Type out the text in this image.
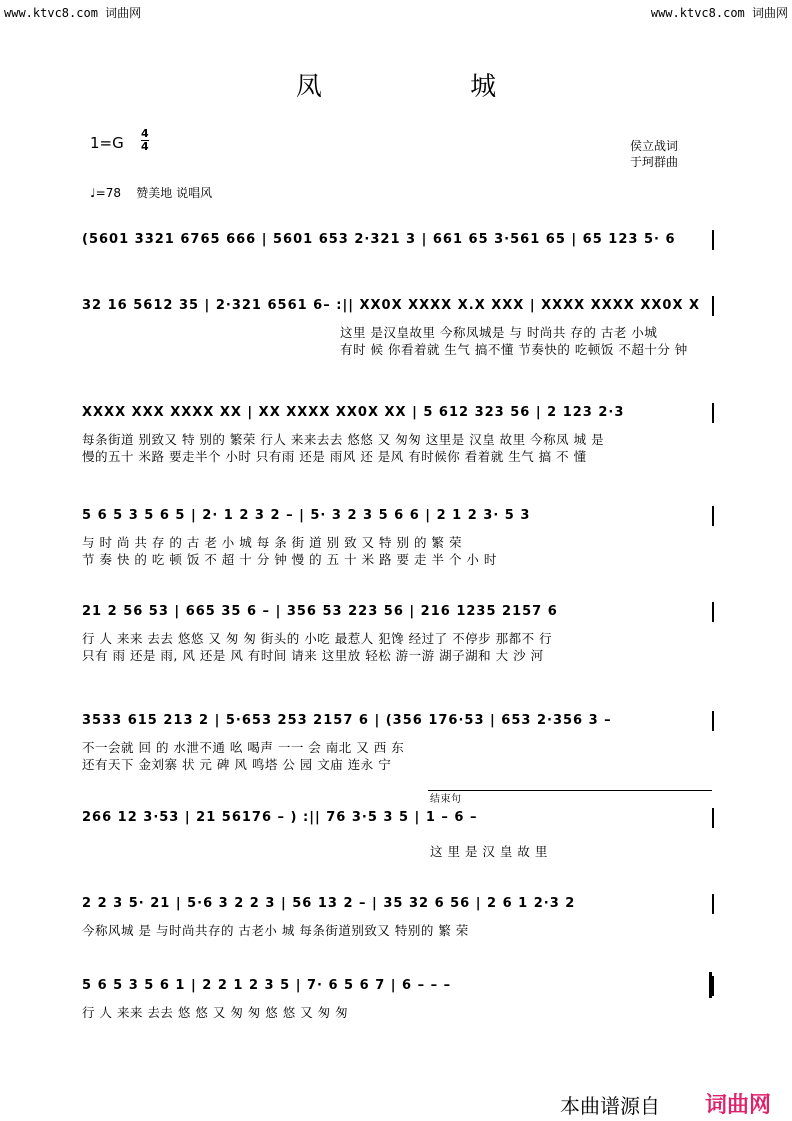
www.ktvc8.com 词曲网	www.ktvc8.com 词曲网
凤 城
$1=G \frac{4}{4}$	侯立战词
于珂群曲
♩=78 赞美地 说唱风
(5601 3321 6765 666 | 5601 653 2·321 3 | 661 65 3·561 65 | 65 123 5· 6
32 16 5612 35 | 2·321 6561 6– :|| XX0X XXXX X.X XXX | XXXX XXXX XX0X X
这里 是汉皇故里 今称凤城是 与 时尚共 存的 古老 小城
有时 候 你看着就 生气 搞不懂 节奏快的 吃顿饭 不超十分 钟
XXXX XXX XXXX XX | XX XXXX XX0X XX | 5 612 323 56 | 2 123 2·3
每条街道 别致又 特 别的 繁荣 行人 来来去去 悠悠 又 匆匆 这里是 汉皇 故里 今称凤 城 是
慢的五十 米路 要走半个 小时 只有雨 还是 雨风 还 是风 有时候你 看着就 生气 搞 不 懂
5 6 5 3 5 6 5 | 2· 1 2 3 2 – | 5· 3 2 3 5 6 6 | 2 1 2 3· 5 3
与 时 尚 共 存 的 古 老 小 城 每 条 街 道 别 致 又 特 别 的 繁 荣
节 奏 快 的 吃 顿 饭 不 超 十 分 钟 慢 的 五 十 米 路 要 走 半 个 小 时
21 2 56 53 | 665 35 6 – | 356 53 223 56 | 216 1235 2157 6
行 人 来来 去去 悠悠 又 匆 匆 街头的 小吃 最惹人 犯馋 经过了 不停步 那都不 行
只有 雨 还是 雨, 风 还是 风 有时间 请来 这里放 轻松 游一游 湖子湖和 大 沙 河
3533 615 213 2 | 5·653 253 2157 6 | (356 176·53 | 653 2·356 3 –
不一会就 回 的 水泄不通 吆 喝声 一一 会 南北 又 西 东
还有天下 金刘寨 状 元 碑 风 鸣塔 公 园 文庙 连永 宁
266 12 3·53 | 21 56176 – ) :|| 76 3·5 3 5 | 1 – 6 –
结束句
这 里 是 汉 皇 故 里
2 2 3 5· 21 | 5·6 3 2 2 3 | 56 13 2 – | 35 32 6 56 | 2 6 1 2·3 2
今称风城 是 与时尚共存的 古老小 城 每条街道别致又 特别的 繁 荣
5 6 5 3 5 6 1 | 2 2 1 2 3 5 | 7· 6 5 6 7 | 6 – – –
行 人 来来 去去 悠 悠 又 匆 匆 悠 悠 又 匆 匆
本曲谱源自 词曲网
